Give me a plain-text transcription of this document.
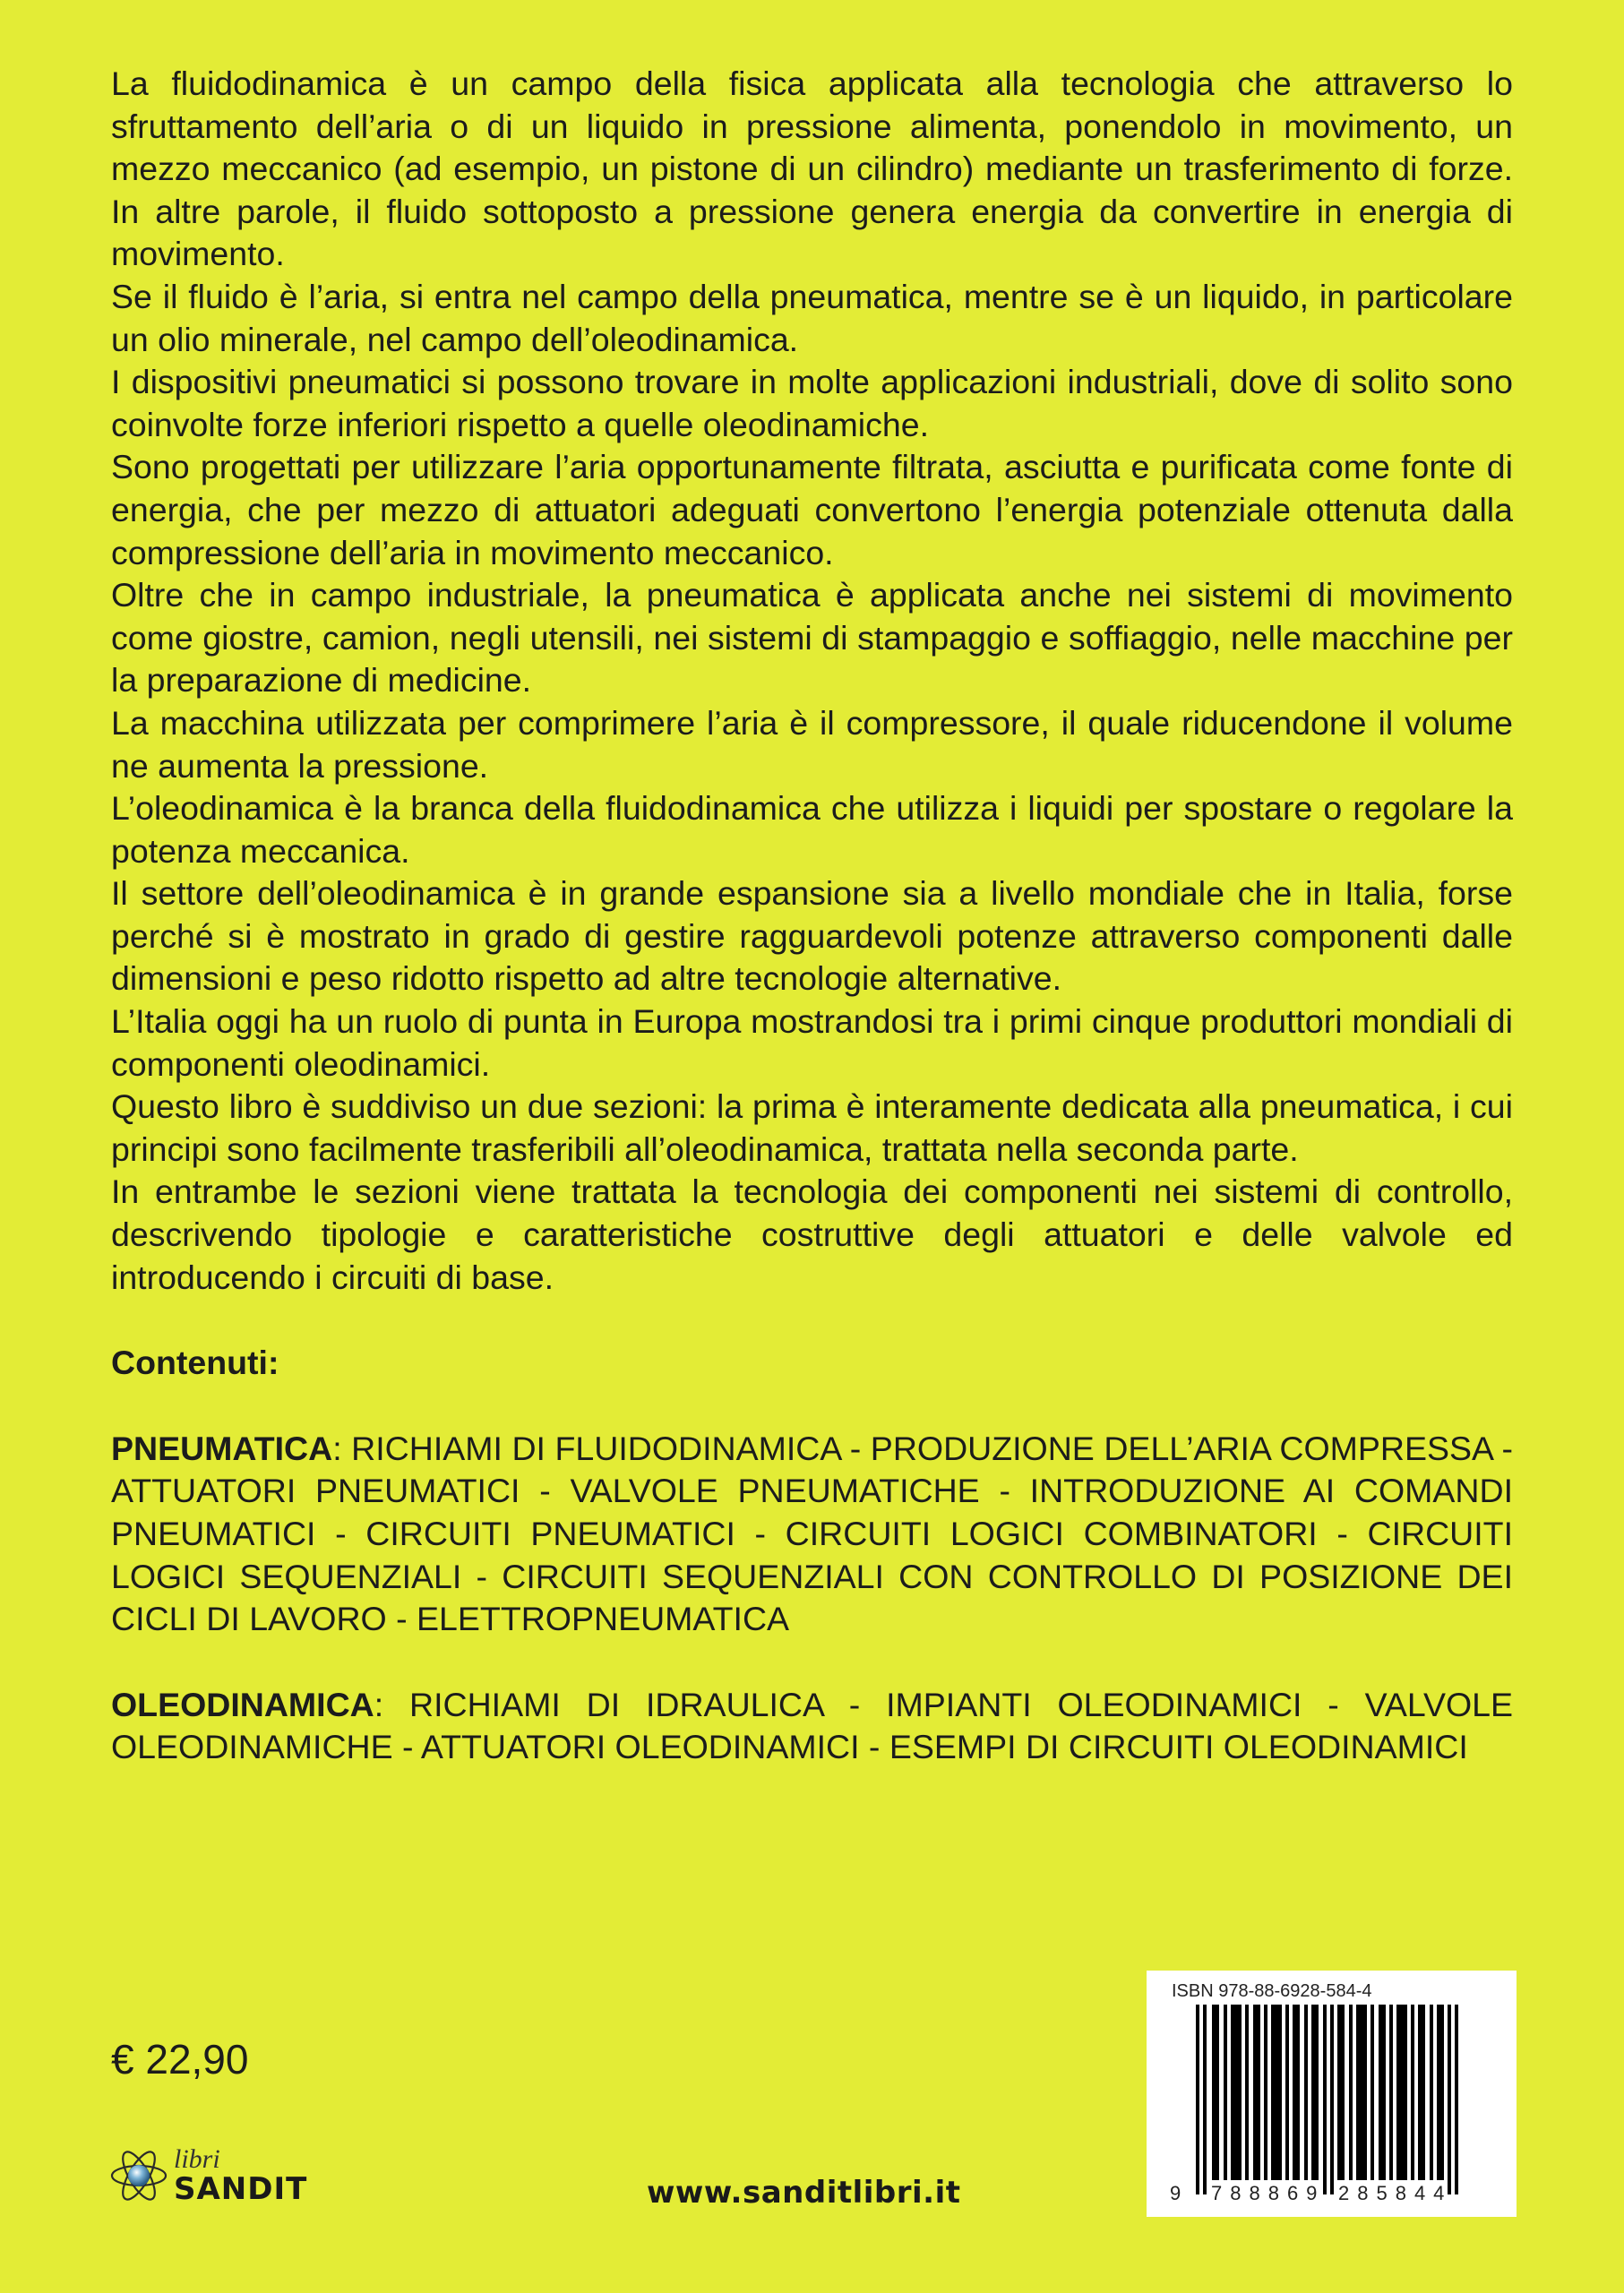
La fluidodinamica è un campo della fisica applicata alla tecnologia che attraverso lo sfruttamento dell’aria o di un liquido in pressione alimenta, ponendolo in movimento, un mezzo meccanico (ad esempio, un pistone di un cilindro) mediante un trasferimento di forze. In altre parole, il fluido sottoposto a pressione genera energia da convertire in energia di movimento.

Se il fluido è l’aria, si entra nel campo della pneumatica, mentre se è un liquido, in particolare un olio minerale, nel campo dell’oleodinamica.

I dispositivi pneumatici si possono trovare in molte applicazioni industriali, dove di solito sono coinvolte forze inferiori rispetto a quelle oleodinamiche.

Sono progettati per utilizzare l’aria opportunamente filtrata, asciutta e purificata come fonte di energia, che per mezzo di attuatori adeguati convertono l’energia potenziale ottenuta dalla compressione dell’aria in movimento meccanico.

Oltre che in campo industriale, la pneumatica è applicata anche nei sistemi di movimento come giostre, camion, negli utensili, nei sistemi di stampaggio e soffiaggio, nelle macchine per la preparazione di medicine.

La macchina utilizzata per comprimere l’aria è il compressore, il quale riducendone il volume ne aumenta la pressione.

L’oleodinamica è la branca della fluidodinamica che utilizza i liquidi per spostare o regolare la potenza meccanica.

Il settore dell’oleodinamica è in grande espansione sia a livello mondiale che in Italia, forse perché si è mostrato in grado di gestire ragguardevoli potenze attraverso componenti dalle dimensioni e peso ridotto rispetto ad altre tecnologie alternative.

L’Italia oggi ha un ruolo di punta in Europa mostrandosi tra i primi cinque produttori mondiali di componenti oleodinamici.

Questo libro è suddiviso un due sezioni: la prima è interamente dedicata alla pneumatica, i cui principi sono facilmente trasferibili all’oleodinamica, trattata nella seconda parte.

In entrambe le sezioni viene trattata la tecnologia dei componenti nei sistemi di controllo, descrivendo tipologie e caratteristiche costruttive degli attuatori e delle valvole ed introducendo i circuiti di base.

Contenuti:

PNEUMATICA: RICHIAMI DI FLUIDODINAMICA - PRODUZIONE DELL’ARIA COMPRESSA - ATTUATORI PNEUMATICI - VALVOLE PNEUMATICHE - INTRODUZIONE AI COMANDI PNEUMATICI - CIRCUITI PNEUMATICI - CIRCUITI LOGICI COMBINATORI - CIRCUITI LOGICI SEQUENZIALI - CIRCUITI SEQUENZIALI CON CONTROLLO DI POSIZIONE DEI CICLI DI LAVORO - ELETTROPNEUMATICA

OLEODINAMICA: RICHIAMI DI IDRAULICA - IMPIANTI OLEODINAMICI - VALVOLE OLEODINAMICHE - ATTUATORI OLEODINAMICI - ESEMPI DI CIRCUITI OLEODINAMICI

€ 22,90
libri
SANDIT	www.sanditlibri.it
ISBN 978-88-6928-584-4
9 788869 285844
